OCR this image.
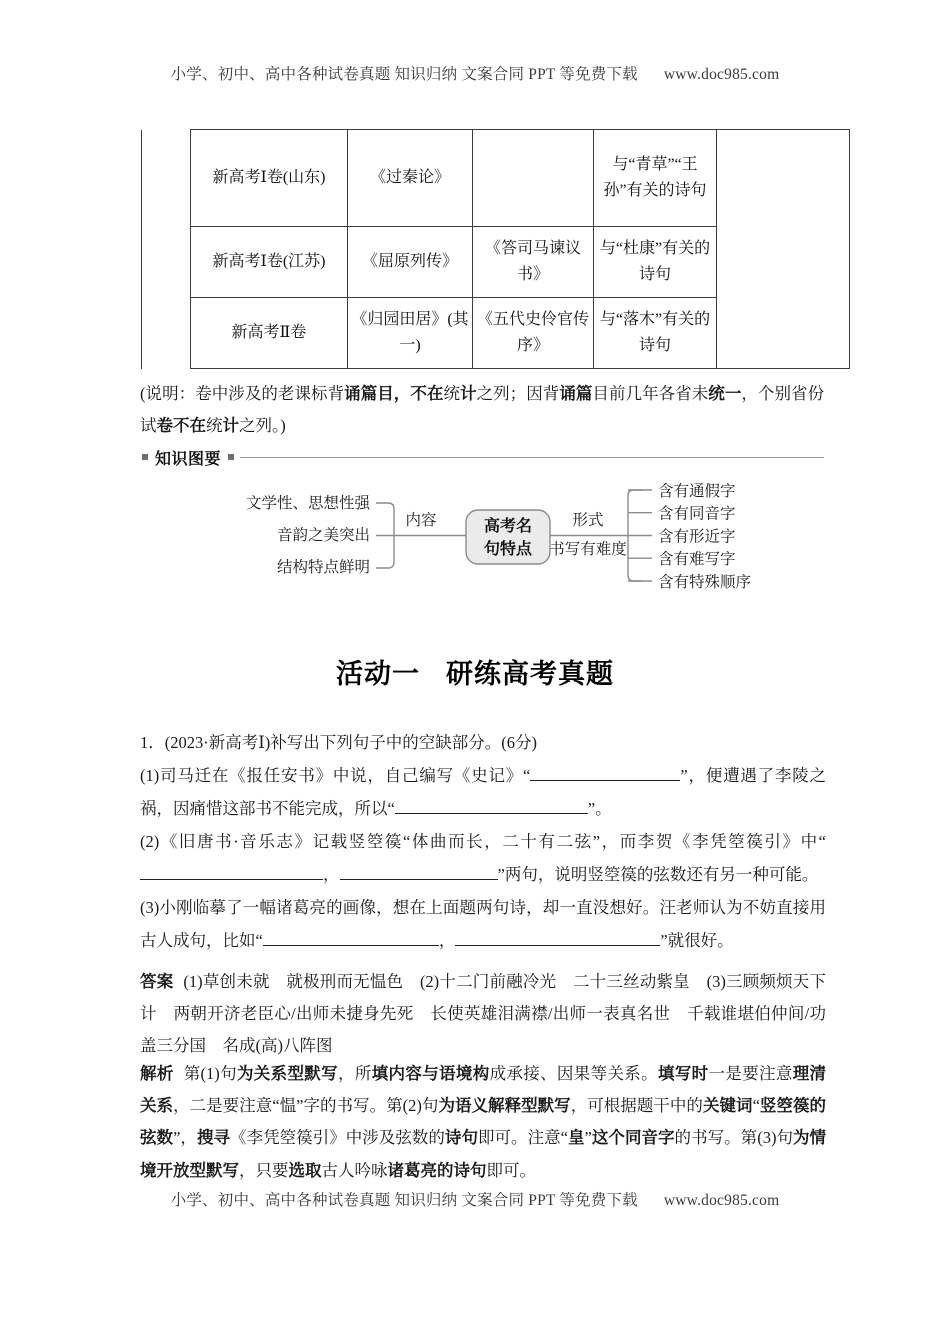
小学、初中、高中各种试卷真题 知识归纳 文案合同 PPT 等免费下载 www.doc985.com
	新高考Ⅰ卷(山东)	《过秦论》		与“青草”“王孙”有关的诗句	
	新高考Ⅰ卷(江苏)	《屈原列传》	《答司马谏议书》	与“杜康”有关的诗句	
	新高考Ⅱ卷	《归园田居》(其一)	《五代史伶官传序》	与“落木”有关的诗句	
(说明：卷中涉及的老课标背诵篇目，不在统计之列；因背诵篇目前几年各省未统一，个别省份试卷不在统计之列。)
知识图要
文学性、思想性强
音韵之美突出
结构特点鲜明
内容	高考名
句特点
形式
书写有难度
含有通假字
含有同音字
含有形近字
含有难写字
含有特殊顺序
活动一 研练高考真题

1．(2023·新高考Ⅰ)补写出下列句子中的空缺部分。(6分)

(1)司马迁在《报任安书》中说，自己编写《史记》“	”，便遭遇了李陵之祸，因痛惜这部书不能完成，所以“	”。

(2)《旧唐书·音乐志》记载竖箜篌“体曲而长，二十有二弦”，而李贺《李凭箜篌引》中“，	”两句，说明竖箜篌的弦数还有另一种可能。

(3)小刚临摹了一幅诸葛亮的画像，想在上面题两句诗，却一直没想好。汪老师认为不妨直接用古人成句，比如“	，	”就很好。

答案 (1)草创未就　就极刑而无愠色　(2)十二门前融冷光　二十三丝动紫皇　(3)三顾频烦天下计　两朝开济老臣心/出师未捷身先死　长使英雄泪满襟/出师一表真名世　千载谁堪伯仲间/功盖三分国　名成(高)八阵图
解析 第(1)句为关系型默写，所填内容与语境构成承接、因果等关系。填写时一是要注意理清关系，二是要注意“愠”字的书写。第(2)句为语义解释型默写，可根据题干中的关键词“竖箜篌的弦数”，搜寻《李凭箜篌引》中涉及弦数的诗句即可。注意“皇”这个同音字的书写。第(3)句为情境开放型默写，只要选取古人吟咏诸葛亮的诗句即可。
小学、初中、高中各种试卷真题 知识归纳 文案合同 PPT 等免费下载 www.doc985.com
